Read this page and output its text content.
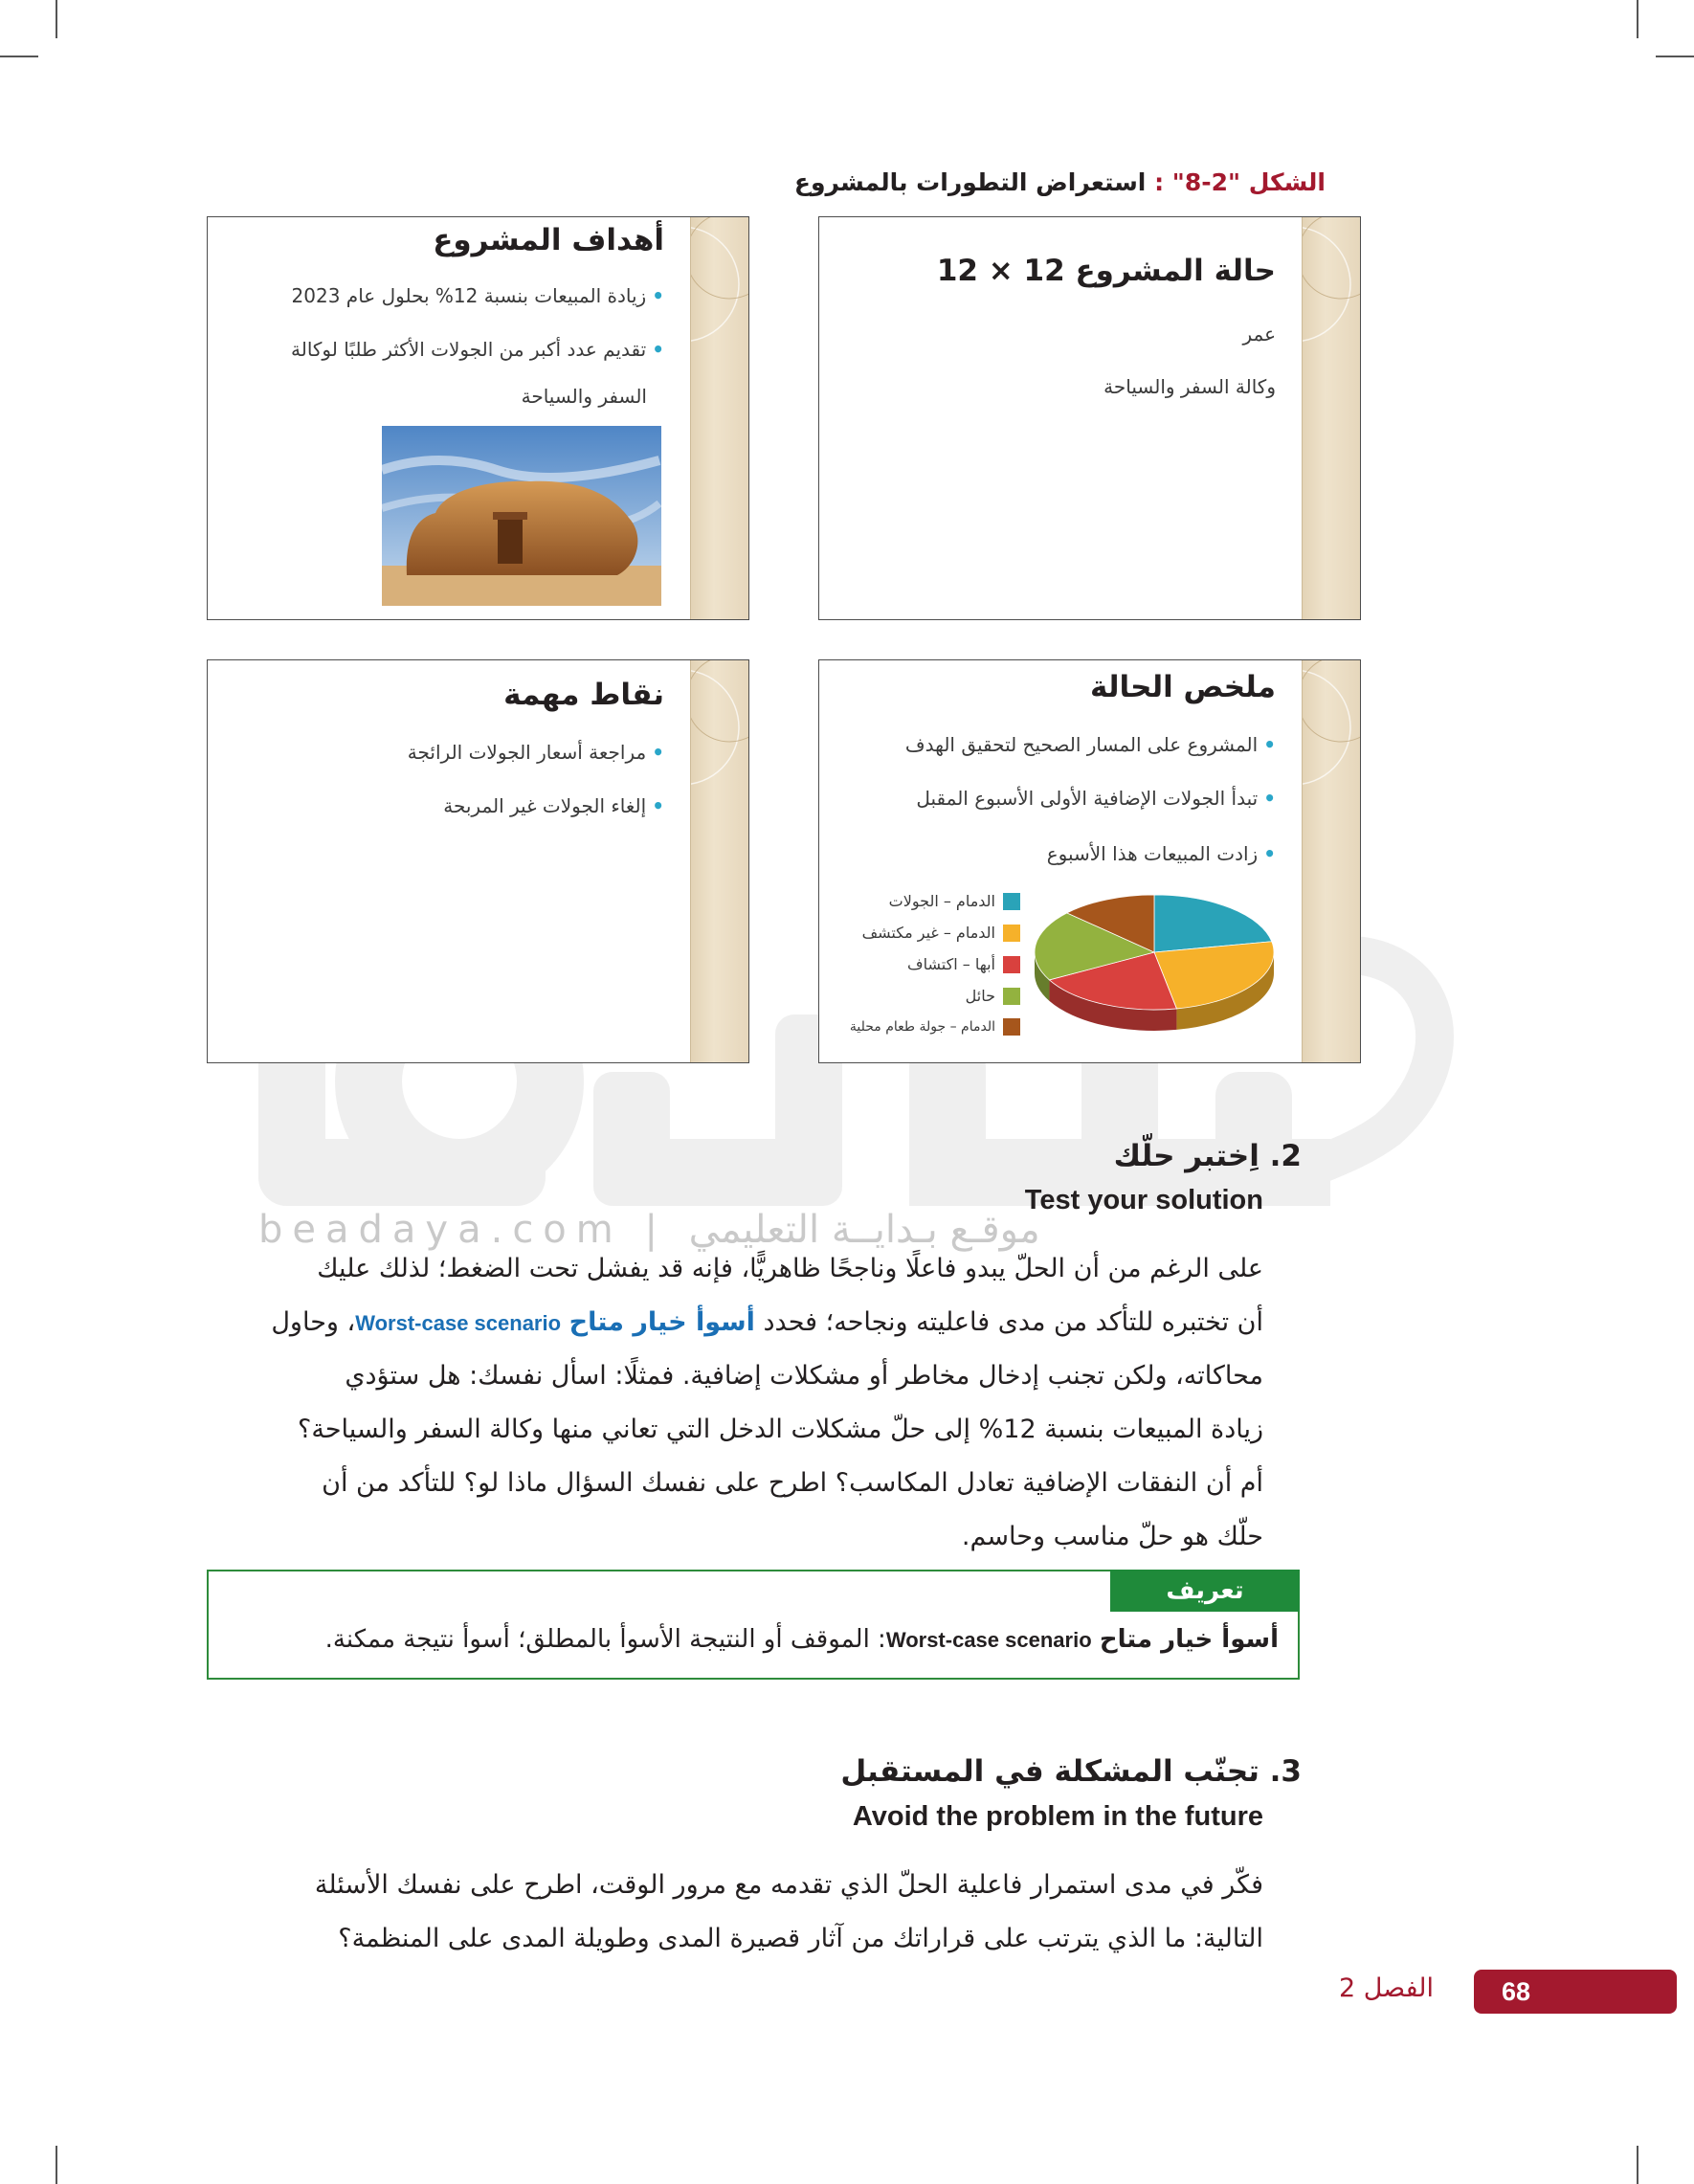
beadaya.com | موقـع بـدايــة التعليمي
الشكل "2-8" : استعراض التطورات بالمشروع
حالة المشروع 12 × 12
عمر
وكالة السفر والسياحة
أهداف المشروع
•زيادة المبيعات بنسبة 12% بحلول عام 2023
•تقديم عدد أكبر من الجولات الأكثر طلبًا لوكالة
السفر والسياحة
ملخص الحالة
•المشروع على المسار الصحيح لتحقيق الهدف
•تبدأ الجولات الإضافية الأولى الأسبوع المقبل
•زادت المبيعات هذا الأسبوع
الدمام – الجولات
الدمام – غير مكتشف
أبها – اكتشاف
حائل
الدمام – جولة طعام محلية
نقاط مهمة
•مراجعة أسعار الجولات الرائجة
•إلغاء الجولات غير المربحة
2. اِختبر حلّك
Test your solution
على الرغم من أن الحلّ يبدو فاعلًا وناجحًا ظاهريًّا، فإنه قد يفشل تحت الضغط؛ لذلك عليك
أن تختبره للتأكد من مدى فاعليته ونجاحه؛ فحدد أسوأ خيار متاح Worst-case scenario، وحاول
محاكاته، ولكن تجنب إدخال مخاطر أو مشكلات إضافية. فمثلًا: اسأل نفسك: هل ستؤدي
زيادة المبيعات بنسبة 12% إلى حلّ مشكلات الدخل التي تعاني منها وكالة السفر والسياحة؟
أم أن النفقات الإضافية تعادل المكاسب؟ اطرح على نفسك السؤال ماذا لو؟ للتأكد من أن
حلّك هو حلّ مناسب وحاسم.
تعريف
أسوأ خيار متاح Worst-case scenario: الموقف أو النتيجة الأسوأ بالمطلق؛ أسوأ نتيجة ممكنة.
3. تجنّب المشكلة في المستقبل
Avoid the problem in the future
فكّر في مدى استمرار فاعلية الحلّ الذي تقدمه مع مرور الوقت، اطرح على نفسك الأسئلة
التالية: ما الذي يترتب على قراراتك من آثار قصيرة المدى وطويلة المدى على المنظمة؟
68
الفصل 2
